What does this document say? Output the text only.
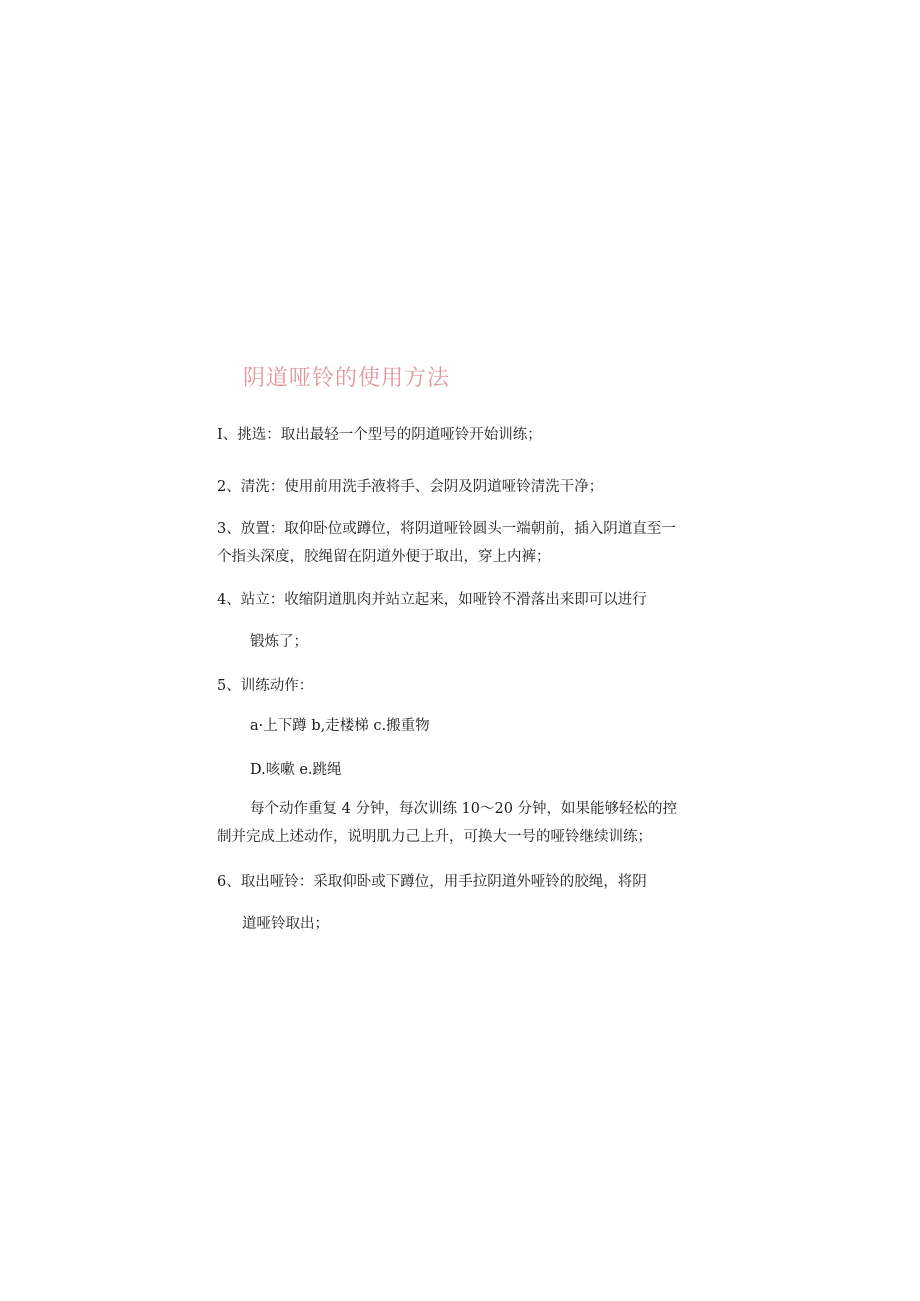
阴道哑铃的使用方法
I、挑选：取出最轻一个型号的阴道哑铃开始训练；
2、清洗：使用前用洗手液将手、会阴及阴道哑铃清洗干净；
3、放置：取仰卧位或蹲位，将阴道哑铃圆头一端朝前，插入阴道直至一
个指头深度，胶绳留在阴道外便于取出，穿上内裤；
4、站立：收缩阴道肌肉并站立起来，如哑铃不滑落出来即可以进行
锻炼了；
5、训练动作：
a·上下蹲 b,走楼梯 c.搬重物
D.咳嗽 e.跳绳
每个动作重复 4 分钟，每次训练 10～20 分钟，如果能够轻松的控
制并完成上述动作，说明肌力己上升，可换大一号的哑铃继续训练；
6、取出哑铃：采取仰卧或下蹲位，用手拉阴道外哑铃的胶绳，将阴
道哑铃取出；
